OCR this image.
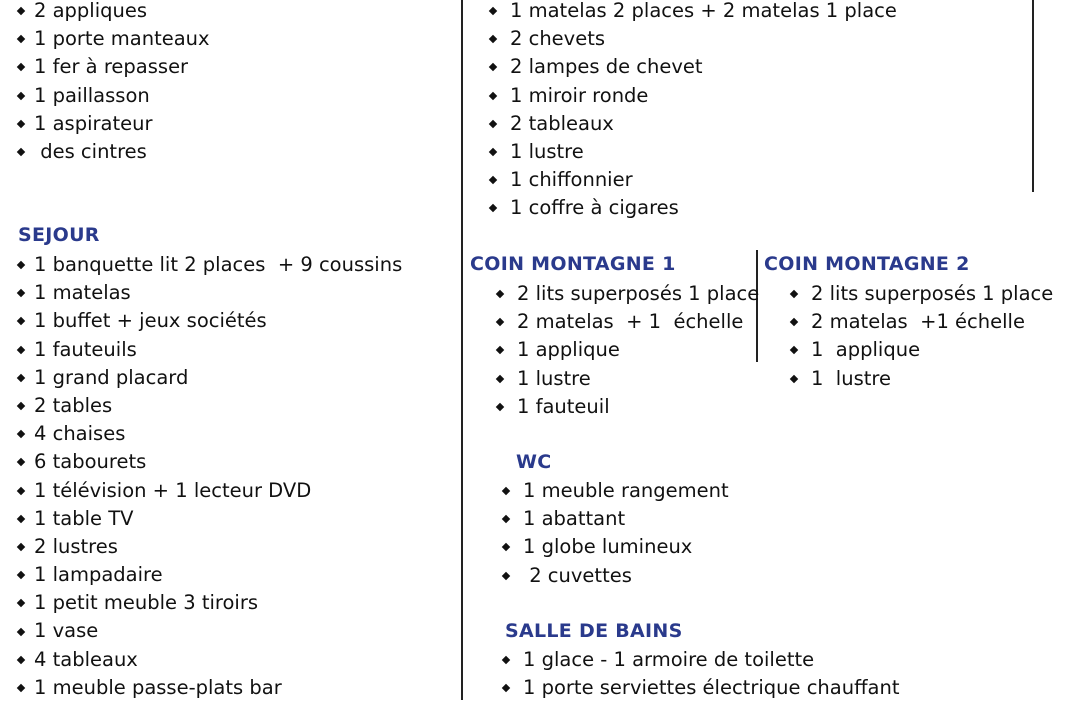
2 appliques
1 porte manteaux
1 fer à repasser
1 paillasson
1 aspirateur
des cintres
SEJOUR
1 banquette lit 2 places  + 9 coussins
1 matelas
1 buffet + jeux sociétés
1 fauteuils
1 grand placard
2 tables
4 chaises
6 tabourets
1 télévision + 1 lecteur DVD
1 table TV
2 lustres
1 lampadaire
1 petit meuble 3 tiroirs
1 vase
4 tableaux
1 meuble passe-plats bar
1 matelas 2 places + 2 matelas 1 place
2 chevets
2 lampes de chevet
1 miroir ronde
2 tableaux
1 lustre
1 chiffonnier
1 coffre à cigares
COIN MONTAGNE 1
2 lits superposés 1 place
2 matelas  + 1  échelle
1 applique
1 lustre
1 fauteuil
COIN MONTAGNE 2
2 lits superposés 1 place
2 matelas  +1 échelle
1  applique
1  lustre
WC
1 meuble rangement
1 abattant
1 globe lumineux
2 cuvettes
SALLE DE BAINS
1 glace - 1 armoire de toilette
1 porte serviettes électrique chauffant
